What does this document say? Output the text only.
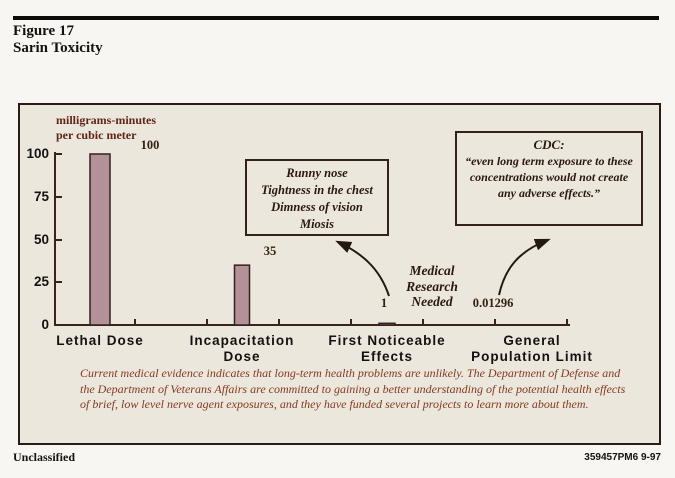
Figure 17
Sarin Toxicity
milligrams-minutes
per cubic meter
100
75
50
25
0
100
35
1	0.01296
Lethal Dose	Incapacitation
Dose
First Noticeable
Effects
General
Population Limit
Runny nose
Tightness in the chest
Dimness of vision
Miosis
CDC:
“even long term exposure to these concentrations would not create any adverse effects.”
Medical Research Needed
Current medical evidence indicates that long-term health problems are unlikely. The Department of Defense and the Department of Veterans Affairs are committed to gaining a better understanding of the potential health effects of brief, low level nerve agent exposures, and they have funded several projects to learn more about them.
Unclassified	359457PM6 9-97
